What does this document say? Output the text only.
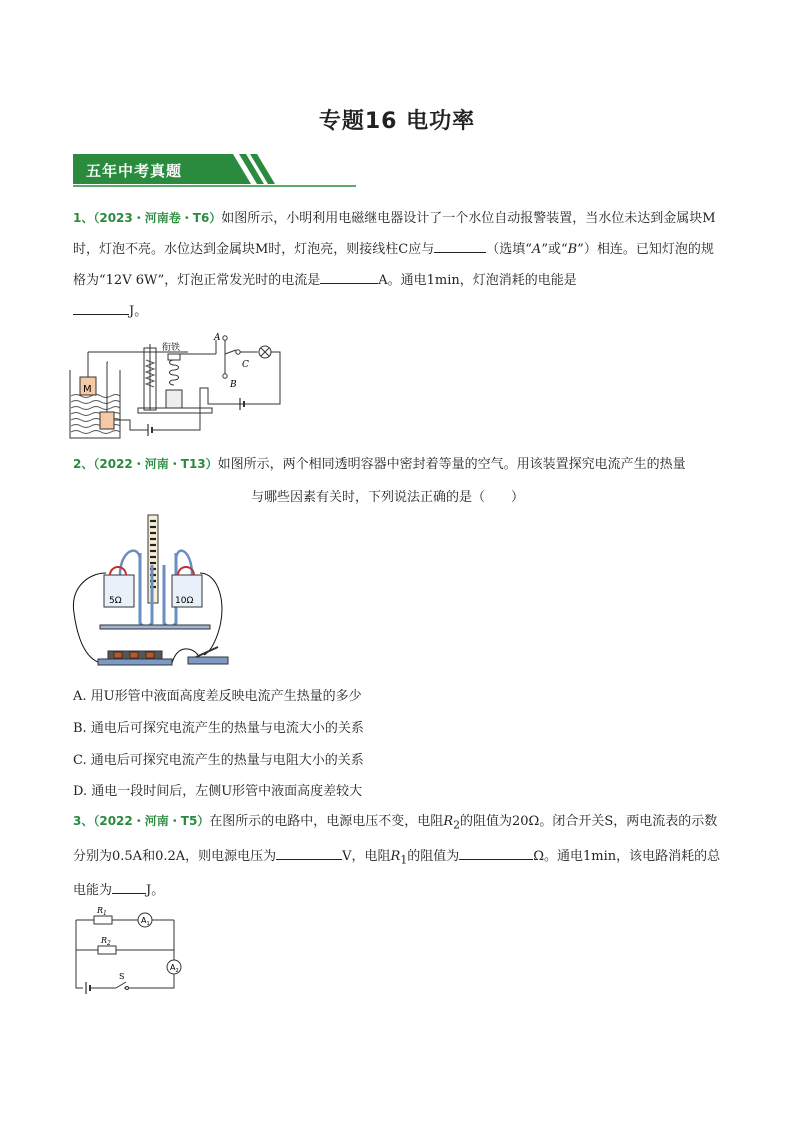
专题16 电功率
五年中考真题
1、（2023・河南卷・T6）如图所示，小明利用电磁继电器设计了一个水位自动报警装置，当水位未达到金属块M时，灯泡不亮。水位达到金属块M时，灯泡亮，则接线柱C应与	（选填“A”或“B”）相连。已知灯泡的规格为“12V 6W”，灯泡正常发光时的电流是	A。通电1min，灯泡消耗的电能是
J。
M
衔铁
A
B
C
2、（2022・河南・T13）如图所示，两个相同透明容器中密封着等量的空气。用该装置探究电流产生的热量
与哪些因素有关时，下列说法正确的是（　　）
5Ω	10Ω
A. 用U形管中液面高度差反映电流产生热量的多少
B. 通电后可探究电流产生的热量与电流大小的关系
C. 通电后可探究电流产生的热量与电阻大小的关系
D. 通电一段时间后，左侧U形管中液面高度差较大
3、（2022・河南・T5）在图所示的电路中，电源电压不变，电阻$R_2$的阻值为20Ω。闭合开关S，两电流表的示数分别为0.5A和0.2A，则电源电压为	V，电阻$R_1$的阻值为	Ω。通电1min，该电路消耗的总电能为	J。
$R_1$
$R_2$
$A_1$
$A_2$
S
